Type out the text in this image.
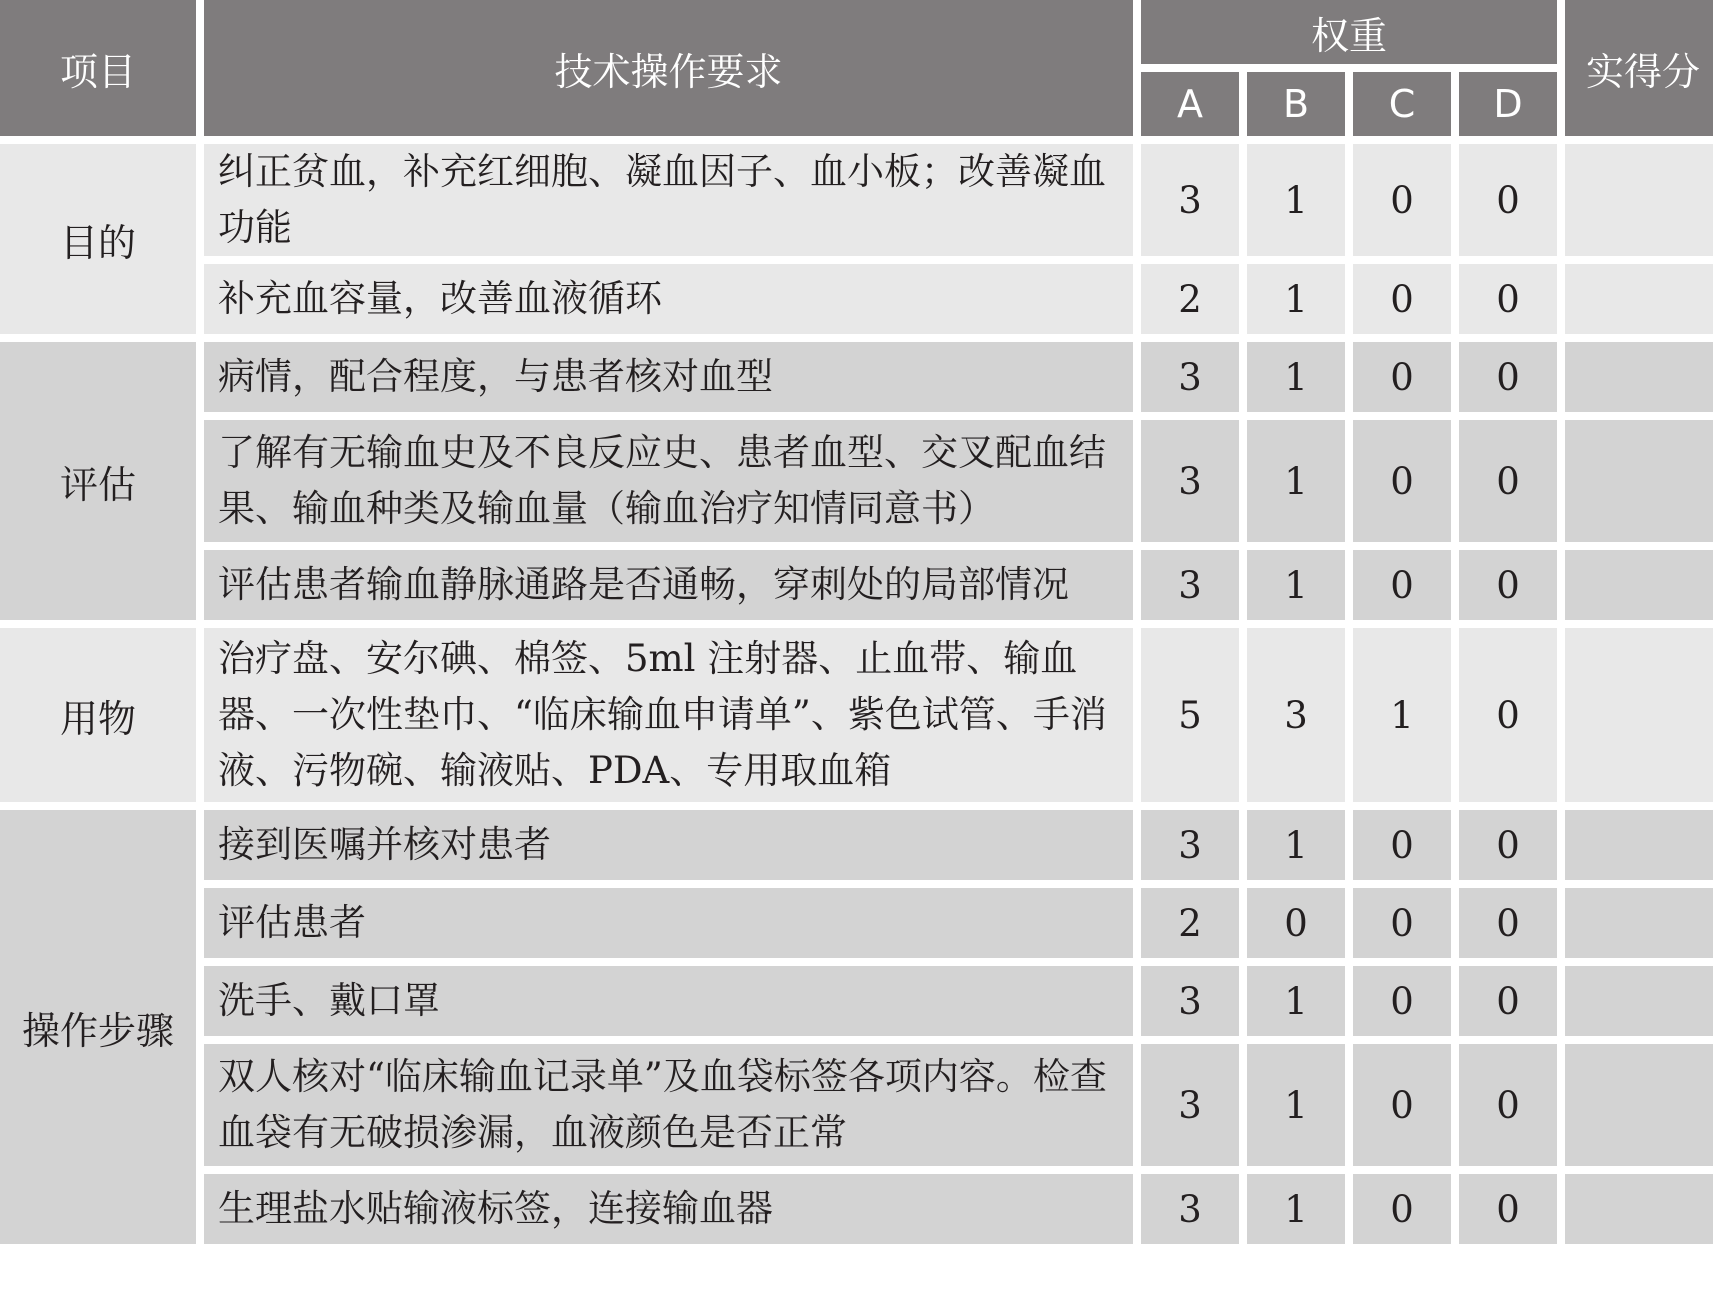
项目	技术操作要求	权重				实得分
		A	B	C	D	
目的	纠正贫血，补充红细胞、凝血因子、血小板；改善凝血功能	3	1	0	0	
	补充血容量，改善血液循环	2	1	0	0	
评估	病情，配合程度，与患者核对血型	3	1	0	0	
	了解有无输血史及不良反应史、患者血型、交叉配血结果、输血种类及输血量（输血治疗知情同意书）	3	1	0	0	
	评估患者输血静脉通路是否通畅，穿刺处的局部情况	3	1	0	0	
用物	治疗盘、安尔碘、棉签、5ml 注射器、止血带、输血器、一次性垫巾、“临床输血申请单”、紫色试管、手消液、污物碗、输液贴、PDA、专用取血箱	5	3	1	0	
操作步骤	接到医嘱并核对患者	3	1	0	0	
	评估患者	2	0	0	0	
	洗手、戴口罩	3	1	0	0	
	双人核对“临床输血记录单”及血袋标签各项内容。检查血袋有无破损渗漏，血液颜色是否正常	3	1	0	0	
	生理盐水贴输液标签，连接输血器	3	1	0	0	
